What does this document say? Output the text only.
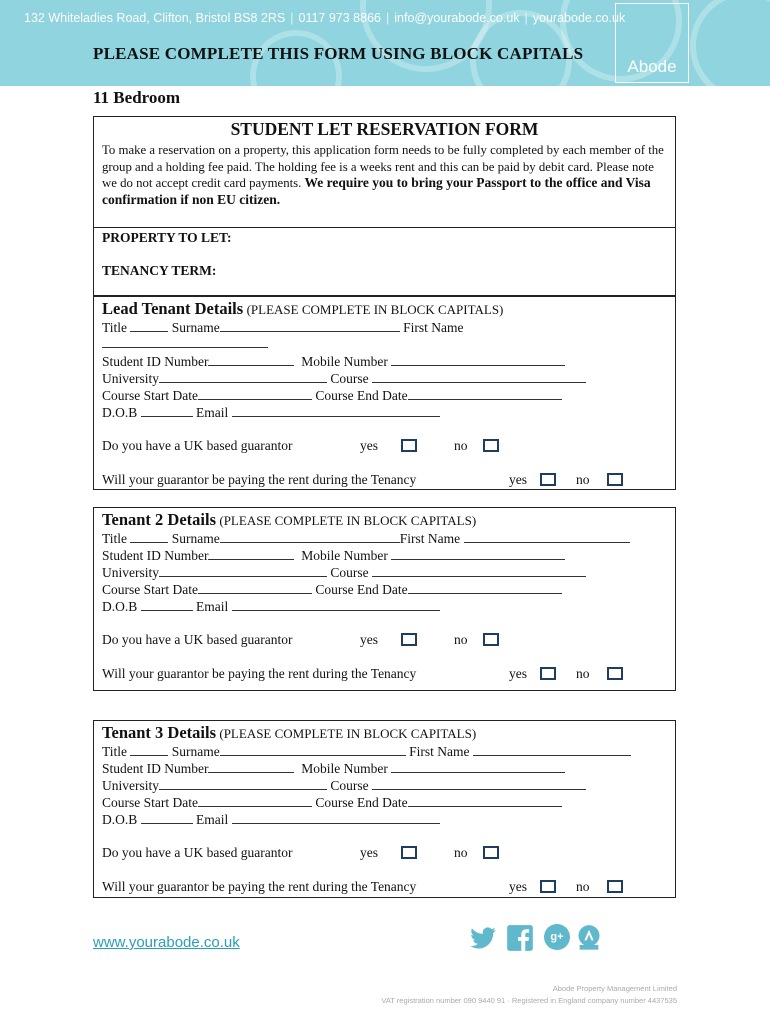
132 Whiteladies Road, Clifton, Bristol BS8 2RS | 0117 973 8866 | info@yourabode.co.uk | yourabode.co.uk
Abode
PLEASE COMPLETE THIS FORM USING BLOCK CAPITALS
11 Bedroom
STUDENT LET RESERVATION FORM
To make a reservation on a property, this application form needs to be fully completed by each member of the group and a holding fee paid. The holding fee is a weeks rent and this can be paid by debit card. Please note we do not accept credit card payments. We require you to bring your Passport to the office and Visa confirmation if non EU citizen.
PROPERTY TO LET:
TENANCY TERM:
Lead Tenant Details (PLEASE COMPLETE IN BLOCK CAPITALS)
Title	Surname	First Name
Student ID Number	Mobile Number
University	Course
Course Start Date	Course End Date
D.O.B	Email
Do you have a UK based guarantor	yes	no
Will your guarantor be paying the rent during the Tenancy	yes	no
Tenant 2 Details (PLEASE COMPLETE IN BLOCK CAPITALS)
Title	Surname	First Name
Student ID Number	Mobile Number
University	Course
Course Start Date	Course End Date
D.O.B	Email
Do you have a UK based guarantor	yes	no
Will your guarantor be paying the rent during the Tenancy	yes	no
Tenant 3 Details (PLEASE COMPLETE IN BLOCK CAPITALS)
Title	Surname	First Name
Student ID Number	Mobile Number
University	Course
Course Start Date	Course End Date
D.O.B	Email
Do you have a UK based guarantor	yes	no
Will your guarantor be paying the rent during the Tenancy	yes	no
www.yourabode.co.uk	g+
Abode Property Management Limited
VAT registration number 090 9440 91 · Registered in England company number 4437535
